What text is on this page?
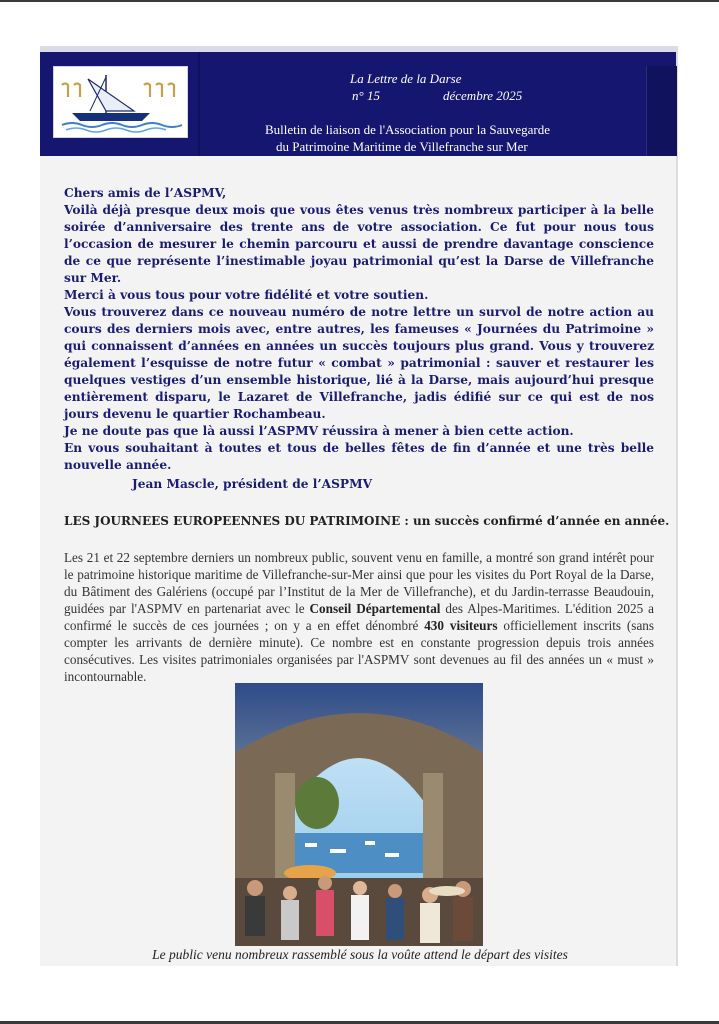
La Lettre de la Darse
n° 15	décembre 2025
Bulletin de liaison de l'Association pour la Sauvegarde
du Patrimoine Maritime de Villefranche sur Mer

Chers amis de l’ASPMV,

Voilà déjà presque deux mois que vous êtes venus très nombreux participer à la belle soirée d’anniversaire des trente ans de votre association. Ce fut pour nous tous l’occasion de mesurer le chemin parcouru et aussi de prendre davantage conscience de ce que représente l’inestimable joyau patrimonial qu’est la Darse de Villefranche sur Mer.

Merci à vous tous pour votre fidélité et votre soutien.

Vous trouverez dans ce nouveau numéro de notre lettre un survol de notre action au cours des derniers mois avec, entre autres, les fameuses « Journées du Patrimoine » qui connaissent d’années en années un succès toujours plus grand. Vous y trouverez également l’esquisse de notre futur « combat » patrimonial : sauver et restaurer les quelques vestiges d’un ensemble historique, lié à la Darse, mais aujourd’hui presque entièrement disparu, le Lazaret de Villefranche, jadis édifié sur ce qui est de nos jours devenu le quartier Rochambeau.

Je ne doute pas que là aussi l’ASPMV réussira à mener à bien cette action.

En vous souhaitant à toutes et tous de belles fêtes de fin d’année et une très belle nouvelle année.

Jean Mascle, président de l’ASPMV

LES JOURNEES EUROPEENNES DU PATRIMOINE : un succès confirmé d’année en année.
Les 21 et 22 septembre derniers un nombreux public, souvent venu en famille, a montré son grand intérêt pour le patrimoine historique maritime de Villefranche-sur-Mer ainsi que pour les visites du Port Royal de la Darse, du Bâtiment des Galériens (occupé par l’Institut de la Mer de Villefranche), et du Jardin-terrasse Beaudouin, guidées par l'ASPMV en partenariat avec le Conseil Départemental des Alpes-Maritimes. L'édition 2025 a confirmé le succès de ces journées ; on y a en effet dénombré 430 visiteurs officiellement inscrits (sans compter les arrivants de dernière minute). Ce nombre est en constante progression depuis trois années consécutives. Les visites patrimoniales organisées par l'ASPMV sont devenues au fil des années un « must » incontournable.
Le public venu nombreux rassemblé sous la voûte attend le départ des visites
